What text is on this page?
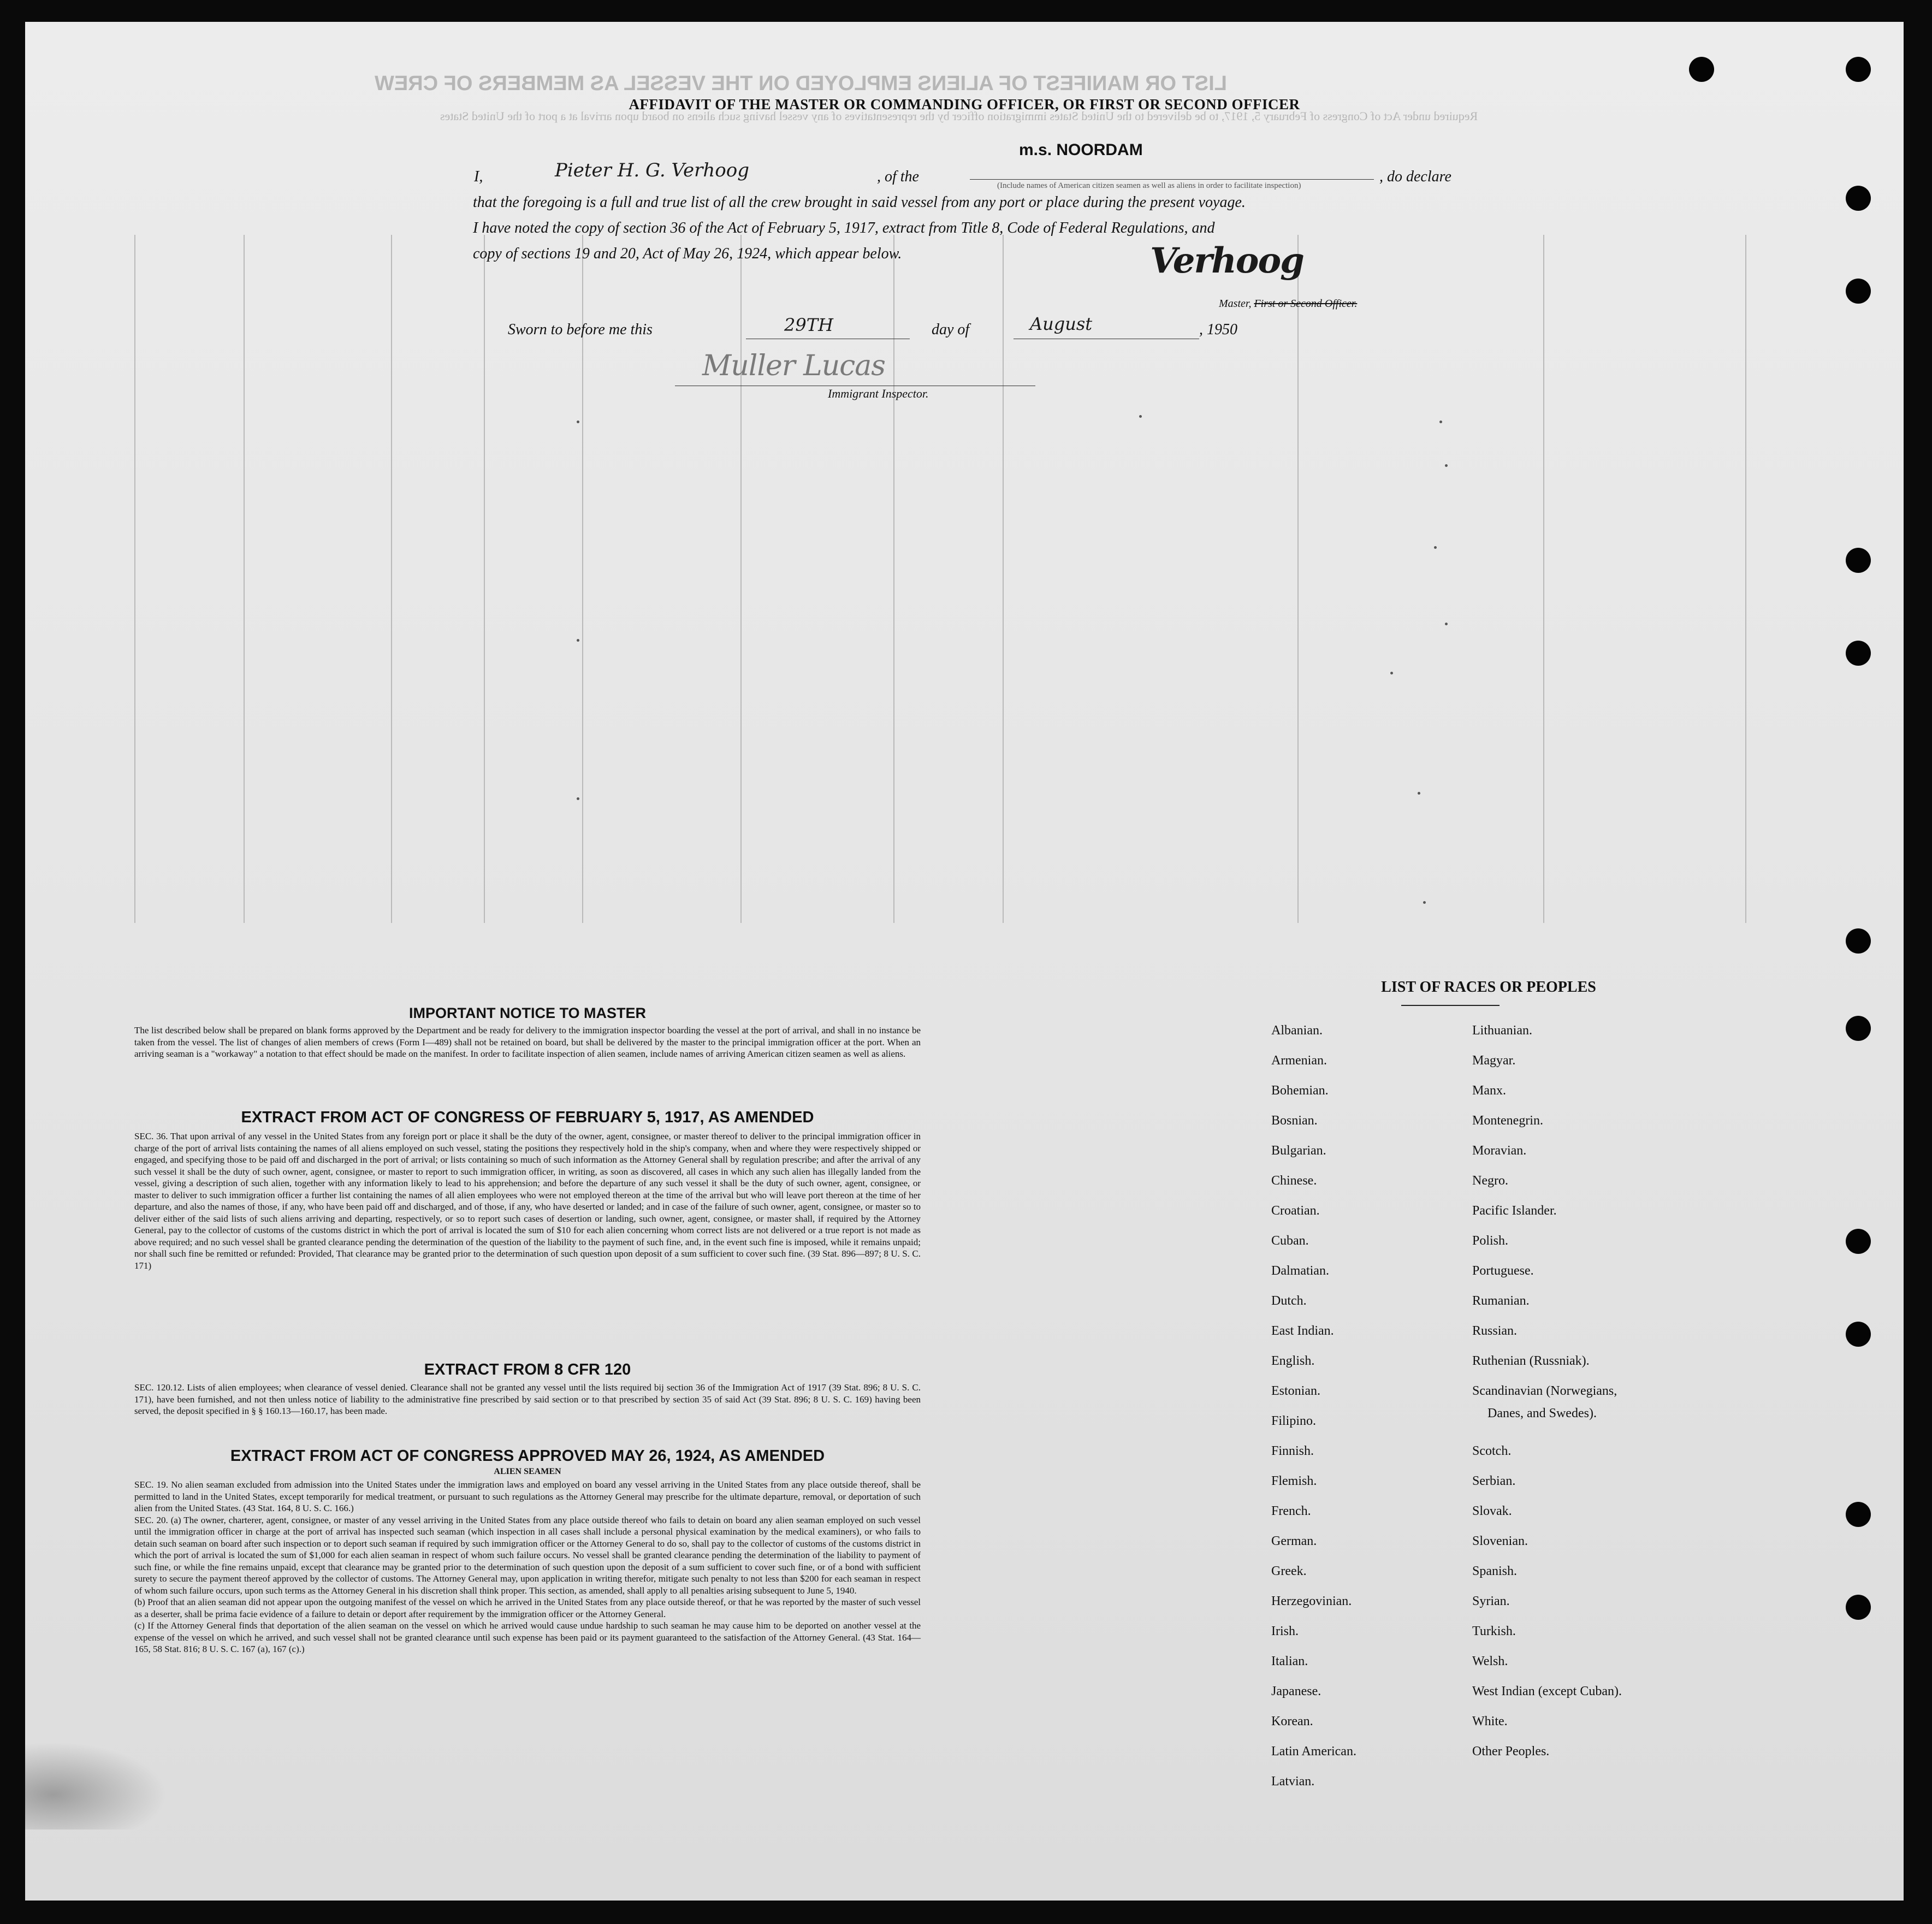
LIST OR MANIFEST OF ALIENS EMPLOYED ON THE VESSEL AS MEMBERS OF CREW
Required under Act of Congress of February 5, 1917, to be delivered to the United States immigration officer by the representatives of any vessel having such aliens on board upon arrival at a port of the United States
AFFIDAVIT OF THE MASTER OR COMMANDING OFFICER, OR FIRST OR SECOND OFFICER
m.s. NOORDAM
I,	Pieter H. G. Verhoog	, of the
(Include names of American citizen seamen as well as aliens in order to facilitate inspection)
, do declare
that the foregoing is a full and true list of all the crew brought in said vessel from any port or place during the present voyage.
I have noted the copy of section 36 of the Act of February 5, 1917, extract from Title 8, Code of Federal Regulations, and
copy of sections 19 and 20, Act of May 26, 1924, which appear below.	Verhoog
Master, First or Second Officer.
Sworn to before me this	29TH	day of	August	, 1950
Muller Lucas
Immigrant Inspector.
IMPORTANT NOTICE TO MASTER
The list described below shall be prepared on blank forms approved by the Department and be ready for delivery to the immigration inspector boarding the vessel at the port of arrival, and shall in no instance be taken from the vessel. The list of changes of alien members of crews (Form I—489) shall not be retained on board, but shall be delivered by the master to the principal immigration officer at the port. When an arriving seaman is a "workaway" a notation to that effect should be made on the manifest. In order to facilitate inspection of alien seamen, include names of arriving American citizen seamen as well as aliens.
EXTRACT FROM ACT OF CONGRESS OF FEBRUARY 5, 1917, AS AMENDED
SEC. 36. That upon arrival of any vessel in the United States from any foreign port or place it shall be the duty of the owner, agent, consignee, or master thereof to deliver to the principal immigration officer in charge of the port of arrival lists containing the names of all aliens employed on such vessel, stating the positions they respectively hold in the ship's company, when and where they were respectively shipped or engaged, and specifying those to be paid off and discharged in the port of arrival; or lists containing so much of such information as the Attorney General shall by regulation prescribe; and after the arrival of any such vessel it shall be the duty of such owner, agent, consignee, or master to report to such immigration officer, in writing, as soon as discovered, all cases in which any such alien has illegally landed from the vessel, giving a description of such alien, together with any information likely to lead to his apprehension; and before the departure of any such vessel it shall be the duty of such owner, agent, consignee, or master to deliver to such immigration officer a further list containing the names of all alien employees who were not employed thereon at the time of the arrival but who will leave port thereon at the time of her departure, and also the names of those, if any, who have been paid off and discharged, and of those, if any, who have deserted or landed; and in case of the failure of such owner, agent, consignee, or master so to deliver either of the said lists of such aliens arriving and departing, respectively, or so to report such cases of desertion or landing, such owner, agent, consignee, or master shall, if required by the Attorney General, pay to the collector of customs of the customs district in which the port of arrival is located the sum of $10 for each alien concerning whom correct lists are not delivered or a true report is not made as above required; and no such vessel shall be granted clearance pending the determination of the question of the liability to the payment of such fine, and, in the event such fine is imposed, while it remains unpaid; nor shall such fine be remitted or refunded: Provided, That clearance may be granted prior to the determination of such question upon deposit of a sum sufficient to cover such fine. (39 Stat. 896—897; 8 U. S. C. 171)
EXTRACT FROM 8 CFR 120
SEC. 120.12. Lists of alien employees; when clearance of vessel denied. Clearance shall not be granted any vessel until the lists required bij section 36 of the Immigration Act of 1917 (39 Stat. 896; 8 U. S. C. 171), have been furnished, and not then unless notice of liability to the administrative fine prescribed by said section or to that prescribed by section 35 of said Act (39 Stat. 896; 8 U. S. C. 169) having been served, the deposit specified in § § 160.13—160.17, has been made.
EXTRACT FROM ACT OF CONGRESS APPROVED MAY 26, 1924, AS AMENDED
ALIEN SEAMEN
SEC. 19. No alien seaman excluded from admission into the United States under the immigration laws and employed on board any vessel arriving in the United States from any place outside thereof, shall be permitted to land in the United States, except temporarily for medical treatment, or pursuant to such regulations as the Attorney General may prescribe for the ultimate departure, removal, or deportation of such alien from the United States. (43 Stat. 164, 8 U. S. C. 166.)
SEC. 20. (a) The owner, charterer, agent, consignee, or master of any vessel arriving in the United States from any place outside thereof who fails to detain on board any alien seaman employed on such vessel until the immigration officer in charge at the port of arrival has inspected such seaman (which inspection in all cases shall include a personal physical examination by the medical examiners), or who fails to detain such seaman on board after such inspection or to deport such seaman if required by such immigration officer or the Attorney General to do so, shall pay to the collector of customs of the customs district in which the port of arrival is located the sum of $1,000 for each alien seaman in respect of whom such failure occurs. No vessel shall be granted clearance pending the determination of the liability to payment of such fine, or while the fine remains unpaid, except that clearance may be granted prior to the determination of such question upon the deposit of a sum sufficient to cover such fine, or of a bond with sufficient surety to secure the payment thereof approved by the collector of customs. The Attorney General may, upon application in writing therefor, mitigate such penalty to not less than $200 for each seaman in respect of whom such failure occurs, upon such terms as the Attorney General in his discretion shall think proper. This section, as amended, shall apply to all penalties arising subsequent to June 5, 1940.
(b) Proof that an alien seaman did not appear upon the outgoing manifest of the vessel on which he arrived in the United States from any place outside thereof, or that he was reported by the master of such vessel as a deserter, shall be prima facie evidence of a failure to detain or deport after requirement by the immigration officer or the Attorney General.
(c) If the Attorney General finds that deportation of the alien seaman on the vessel on which he arrived would cause undue hardship to such seaman he may cause him to be deported on another vessel at the expense of the vessel on which he arrived, and such vessel shall not be granted clearance until such expense has been paid or its payment guaranteed to the satisfaction of the Attorney General. (43 Stat. 164—165, 58 Stat. 816; 8 U. S. C. 167 (a), 167 (c).)
LIST OF RACES OR PEOPLES
Albanian.
Armenian.
Bohemian.
Bosnian.
Bulgarian.
Chinese.
Croatian.
Cuban.
Dalmatian.
Dutch.
East Indian.
English.
Estonian.
Filipino.
Finnish.
Flemish.
French.
German.
Greek.
Herzegovinian.
Irish.
Italian.
Japanese.
Korean.
Latin American.
Latvian.
Lithuanian.
Magyar.
Manx.
Montenegrin.
Moravian.
Negro.
Pacific Islander.
Polish.
Portuguese.
Rumanian.
Russian.
Ruthenian (Russniak).
Scandinavian (Norwegians,
Danes, and Swedes).
Scotch.
Serbian.
Slovak.
Slovenian.
Spanish.
Syrian.
Turkish.
Welsh.
West Indian (except Cuban).
White.
Other Peoples.
